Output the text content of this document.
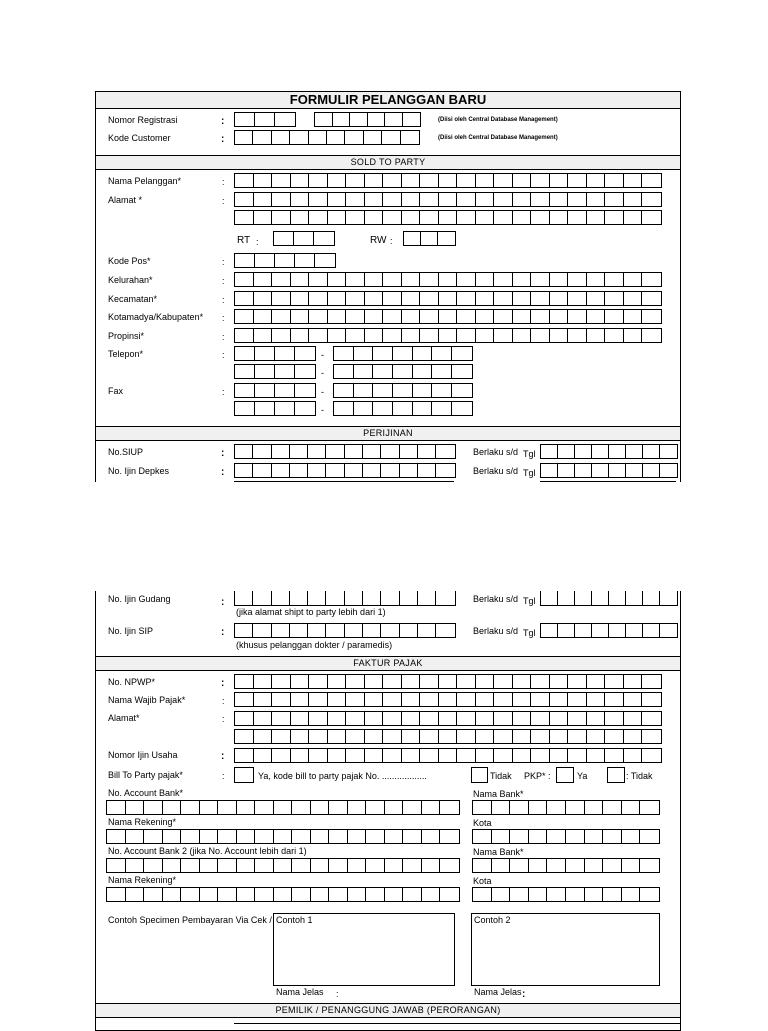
FORMULIR PELANGGAN BARU
Nomor Registrasi	:	(Diisi oleh Central Database Management)
Kode Customer	:	(Diisi oleh Central Database Management)
SOLD TO PARTY
Nama Pelanggan*	:
Alamat *	:
RT :	RW :
Kode Pos*	:
Kelurahan*	:
Kecamatan*	:
Kotamadya/Kabupaten* :
Propinsi*	:
Telepon*	:	-
-
Fax	:	-
-
PERIJINAN
No.SIUP	:	Berlaku s/d Tgl
No. Ijin Depkes	:	Berlaku s/d Tgl
No. Ijin Gudang	:	Berlaku s/d Tgl
(jika alamat shipt to party lebih dari 1)
No. Ijin SIP	:	Berlaku s/d Tgl
(khusus pelanggan dokter / paramedis)
FAKTUR PAJAK
No. NPWP*	:
Nama Wajib Pajak*	:
Alamat*	:
Nomor Ijin Usaha	:
Bill To Party pajak*	:	Ya, kode bill to party pajak No. ..................	Tidak PKP* :	Ya	: Tidak
No. Account Bank*	Nama Bank*
Nama Rekening*	Kota
No. Account Bank 2 (jika No. Account lebih dari 1)	Nama Bank*
Nama Rekening*	Kota
Contoh Specimen Pembayaran Via Cek / Contoh 1	Contoh 2
Nama Jelas :	Nama Jelas :
PEMILIK / PENANGGUNG JAWAB (PERORANGAN)
